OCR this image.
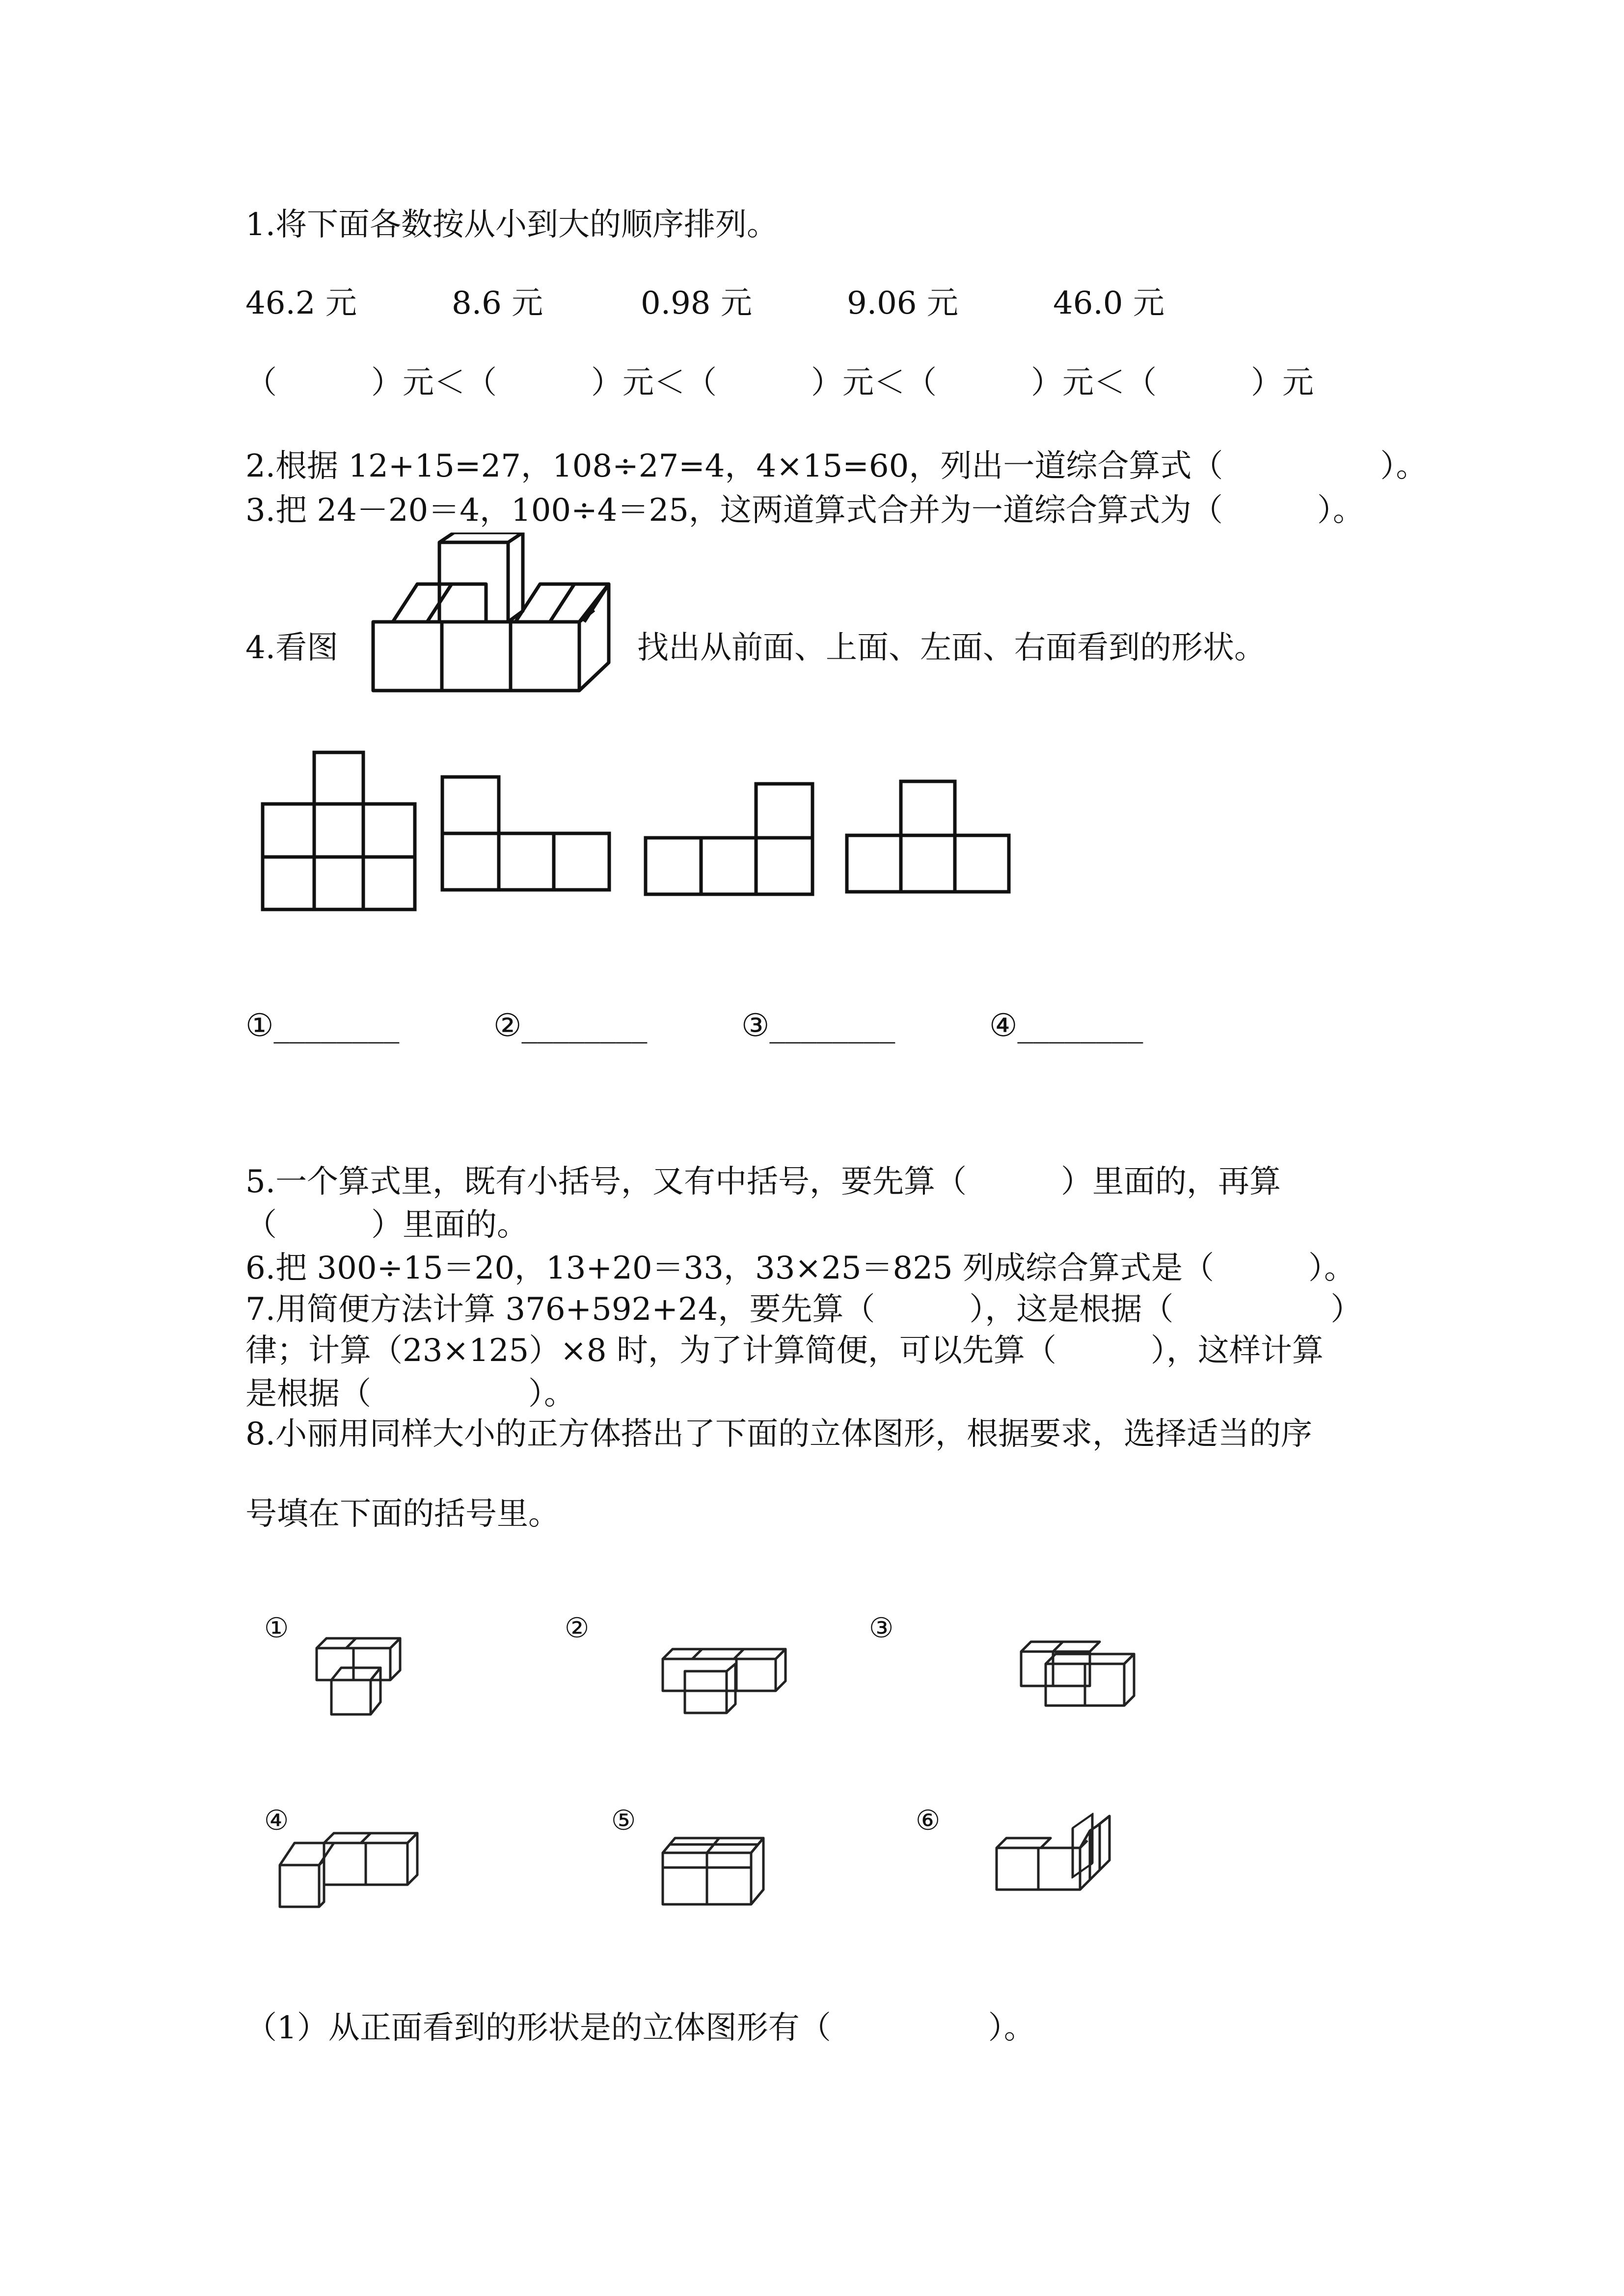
1.将下面各数按从小到大的顺序排列。
46.2 元	8.6 元	0.98 元	9.06 元	46.0 元
（　　　）元＜（　　　）元＜（　　　）元＜（　　　）元＜（　　　）元
2.根据 12+15=27，108÷27=4，4×15=60，列出一道综合算式（　　　　　）。
3.把 24－20＝4，100÷4＝25，这两道算式合并为一道综合算式为（　　　）。
4.看图	找出从前面、上面、左面、右面看到的形状。
①________	②________	③________	④________
5.一个算式里，既有小括号，又有中括号，要先算（　　　）里面的，再算
（　　　）里面的。
6.把 300÷15＝20，13+20＝33，33×25＝825 列成综合算式是（　　　）。
7.用简便方法计算 376+592+24，要先算（　　　），这是根据（　　　　　）
律；计算（23×125）×8 时，为了计算简便，可以先算（　　　），这样计算
是根据（　　　　　）。
8.小丽用同样大小的正方体搭出了下面的立体图形，根据要求，选择适当的序
号填在下面的括号里。
①	②	③
④	⑤	⑥
（1）从正面看到的形状是的立体图形有（　　　　　）。
